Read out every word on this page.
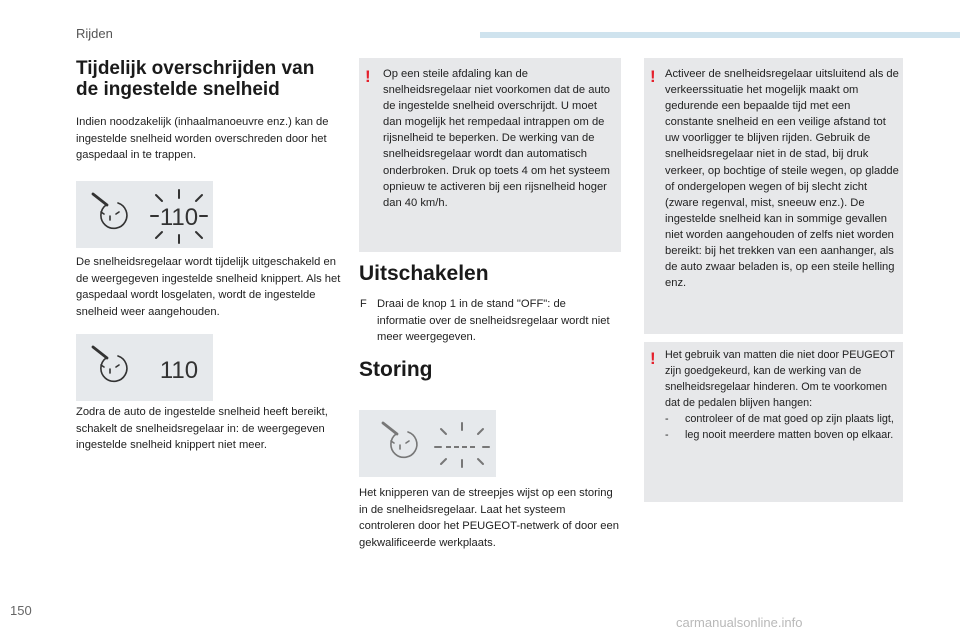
Rijden
Tijdelijk overschrijden van
de ingestelde snelheid

Indien noodzakelijk (inhaalmanoeuvre enz.) kan de ingestelde snelheid worden overschreden door het gaspedaal in te trappen.

110

De snelheidsregelaar wordt tijdelijk uitgeschakeld en de weergegeven ingestelde snelheid knippert. Als het gaspedaal wordt losgelaten, wordt de ingestelde snelheid weer aangehouden.

110

Zodra de auto de ingestelde snelheid heeft bereikt, schakelt de snelheidsregelaar in: de weergegeven ingestelde snelheid knippert niet meer.

! Op een steile afdaling kan de snelheidsregelaar niet voorkomen dat de auto de ingestelde snelheid overschrijdt. U moet dan mogelijk het rempedaal intrappen om de rijsnelheid te beperken. De werking van de snelheidsregelaar wordt dan automatisch onderbroken. Druk op toets 4 om het systeem opnieuw te activeren bij een rijsnelheid hoger dan 40 km/h.
Uitschakelen
F Draai de knop 1 in de stand "OFF": de informatie over de snelheidsregelaar wordt niet meer weergegeven.
Storing
Het knipperen van de streepjes wijst op een storing in de snelheidsregelaar. Laat het systeem controleren door het PEUGEOT-netwerk of door een gekwalificeerde werkplaats.
! Activeer de snelheidsregelaar uitsluitend als de verkeerssituatie het mogelijk maakt om gedurende een bepaalde tijd met een constante snelheid en een veilige afstand tot uw voorligger te blijven rijden. Gebruik de snelheidsregelaar niet in de stad, bij druk verkeer, op bochtige of steile wegen, op gladde of ondergelopen wegen of bij slecht zicht (zware regenval, mist, sneeuw enz.). De ingestelde snelheid kan in sommige gevallen niet worden aangehouden of zelfs niet worden bereikt: bij het trekken van een aanhanger, als de auto zwaar beladen is, op een steile helling enz.
! Het gebruik van matten die niet door PEUGEOT zijn goedgekeurd, kan de werking van de snelheidsregelaar hinderen. Om te voorkomen dat de pedalen blijven hangen:
-	controleer of de mat goed op zijn plaats ligt,
-	leg nooit meerdere matten boven op elkaar.
150
carmanualsonline.info
